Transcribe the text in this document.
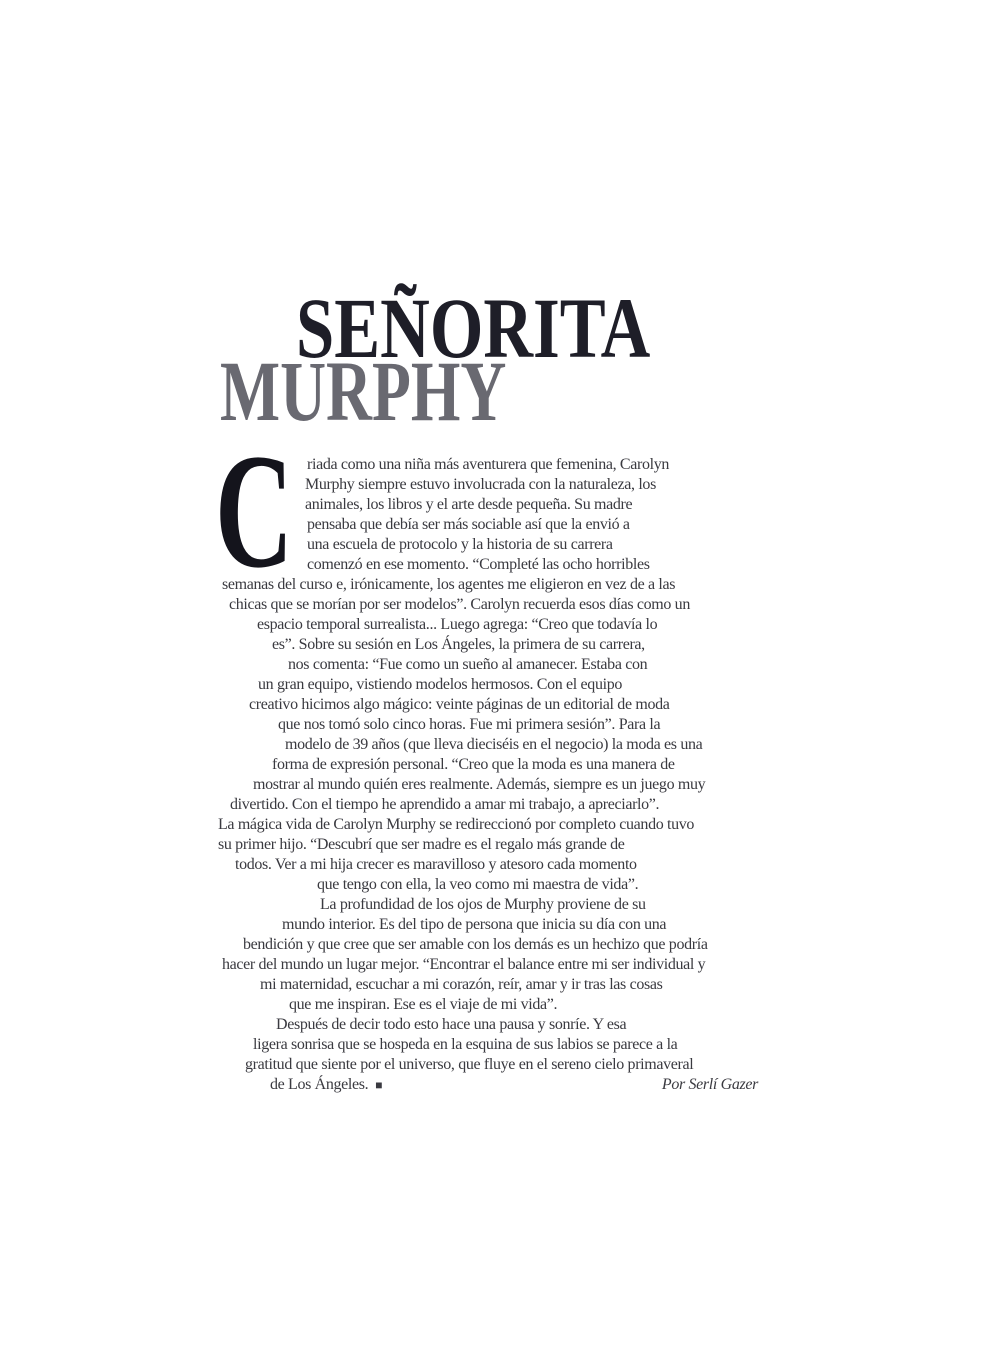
SEÑORITA
MURPHY
C riada como una niña más aventurera que femenina, Carolyn
Murphy siempre estuvo involucrada con la naturaleza, los
animales, los libros y el arte desde pequeña. Su madre
pensaba que debía ser más sociable así que la envió a
una escuela de protocolo y la historia de su carrera
comenzó en ese momento. “Completé las ocho horribles
semanas del curso e, irónicamente, los agentes me eligieron en vez de a las
chicas que se morían por ser modelos”. Carolyn recuerda esos días como un
espacio temporal surrealista... Luego agrega: “Creo que todavía lo
es”. Sobre su sesión en Los Ángeles, la primera de su carrera,
nos comenta: “Fue como un sueño al amanecer. Estaba con
un gran equipo, vistiendo modelos hermosos. Con el equipo
creativo hicimos algo mágico: veinte páginas de un editorial de moda
que nos tomó solo cinco horas. Fue mi primera sesión”. Para la
modelo de 39 años (que lleva dieciséis en el negocio) la moda es una
forma de expresión personal. “Creo que la moda es una manera de
mostrar al mundo quién eres realmente. Además, siempre es un juego muy
divertido. Con el tiempo he aprendido a amar mi trabajo, a apreciarlo”.
La mágica vida de Carolyn Murphy se redireccionó por completo cuando tuvo
su primer hijo. “Descubrí que ser madre es el regalo más grande de
todos. Ver a mi hija crecer es maravilloso y atesoro cada momento
que tengo con ella, la veo como mi maestra de vida”.
La profundidad de los ojos de Murphy proviene de su
mundo interior. Es del tipo de persona que inicia su día con una
bendición y que cree que ser amable con los demás es un hechizo que podría
hacer del mundo un lugar mejor. “Encontrar el balance entre mi ser individual y
mi maternidad, escuchar a mi corazón, reír, amar y ir tras las cosas
que me inspiran. Ese es el viaje de mi vida”.
Después de decir todo esto hace una pausa y sonríe. Y esa
ligera sonrisa que se hospeda en la esquina de sus labios se parece a la
gratitud que siente por el universo, que fluye en el sereno cielo primaveral
de Los Ángeles. ■	Por Serlí Gazer
